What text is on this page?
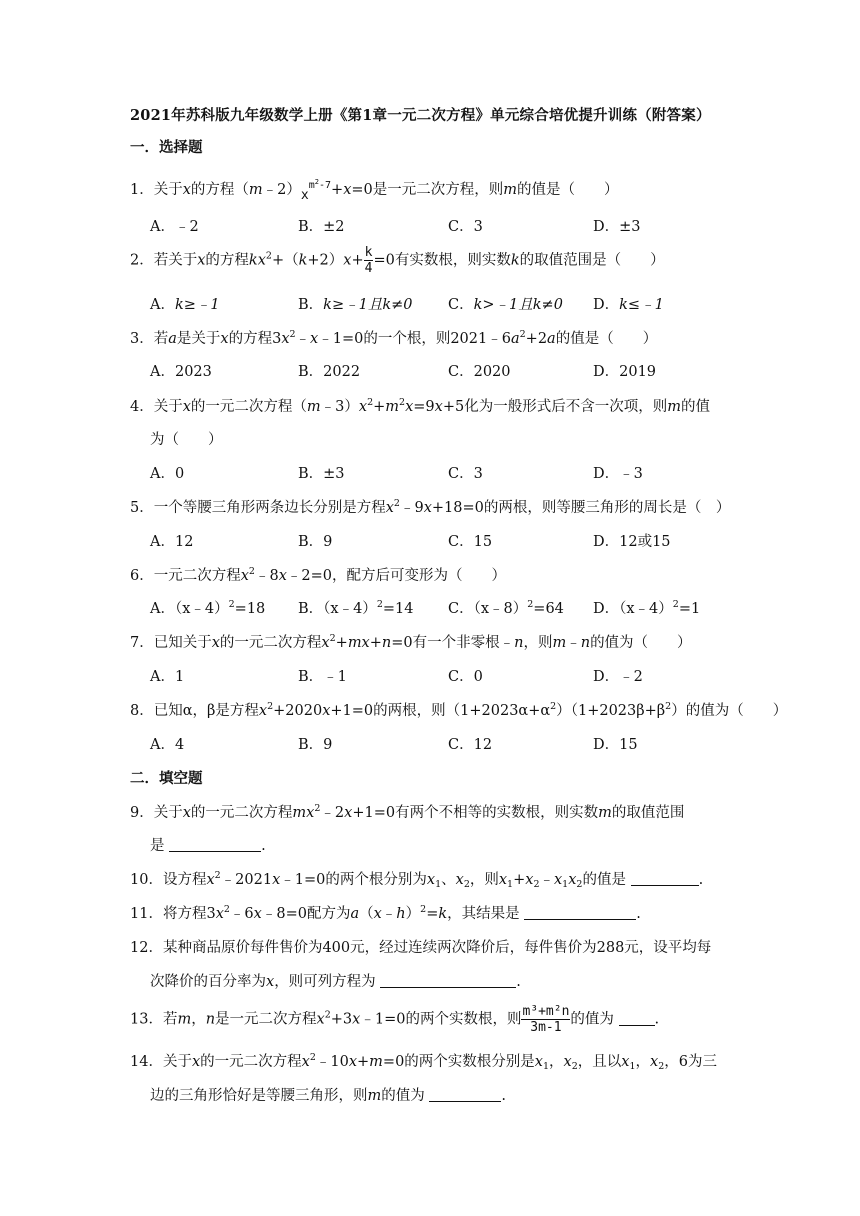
2021年苏科版九年级数学上册《第1章一元二次方程》单元综合培优提升训练（附答案）
一．选择题
1．关于x的方程$(m﹣2)x^{m^2-7}+x=0$是一元二次方程，则m的值是（　　）
A．﹣2	B．±2	C．3	D．±3
2．若关于x的方程$kx^2+(k+2)x+ \frac{k}{4} =0$有实数根，则实数k的取值范围是（　　）
A．k≥﹣1	B．k≥﹣1且k≠0 C．k>﹣1且k≠0 D．k≤﹣1
3．若a是关于x的方程$3x^2﹣x﹣1=0$的一个根，则$2021﹣6a^2+2a$的值是（　　）
A．2023	B．2022	C．2020	D．2019
4．关于x的一元二次方程$(m﹣3)x^2+m^2x=9x+5$化为一般形式后不含一次项，则m的值
为（　　）
A．0	B．±3	C．3	D．﹣3
5．一个等腰三角形两条边长分别是方程$x^2﹣9x+18=0$的两根，则等腰三角形的周长是（　）
A．12	B．9	C．15	D．12或15
6．一元二次方程$x^2﹣8x﹣2=0$，配方后可变形为（　　）
A．（x﹣4）$^2$=18 B．（x﹣4）$^2$=14 C．（x﹣8）$^2$=64 D．（x﹣4）$^2$=1
7．已知关于x的一元二次方程$x^2+mx+n=0$有一个非零根﹣n，则m﹣n的值为（　　）
A．1	B．﹣1	C．0	D．﹣2
8．已知α，β是方程$x^2+2020x+1=0$的两根，则$(1+2023\alpha+\alpha^2)(1+2023\beta+\beta^2)$的值为（　　）
A．4	B．9	C．12	D．15
二．填空题
9．关于x的一元二次方程$mx^2﹣2x+1=0$有两个不相等的实数根，则实数m的取值范围
是	.
10．设方程$x^2﹣2021x﹣1=0$的两个根分别为$x_1$、$x_2$，则$x_1+x_2﹣x_1x_2$的值是	.
11．将方程$3x^2﹣6x﹣8=0$配方为a（x﹣h）$^2$=k，其结果是	.
12．某种商品原价每件售价为400元，经过连续两次降价后，每件售价为288元，设平均每
次降价的百分率为x，则可列方程为	.
13．若m，n是一元二次方程$x^2+3x﹣1=0$的两个实数根，则 $\frac{\text{m³+m²n}}{3m-1}$ 的值为	.
14．关于x的一元二次方程$x^2﹣10x+m=0$的两个实数根分别是$x_1$，$x_2$，且以$x_1$，$x_2$，6为三
边的三角形恰好是等腰三角形，则m的值为	.
